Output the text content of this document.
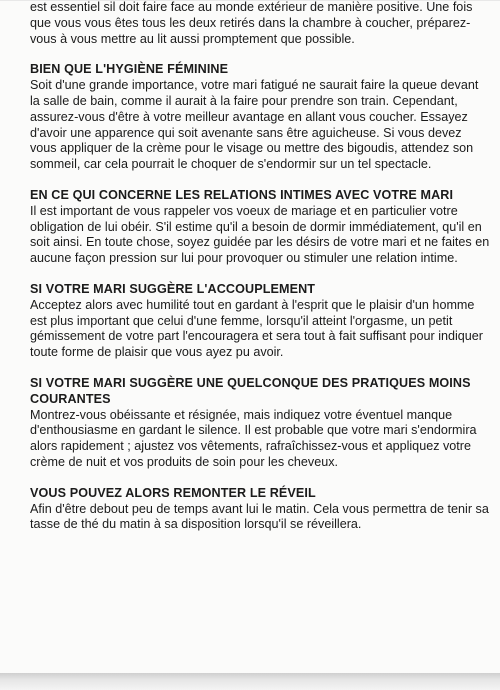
est essentiel sil doit faire face au monde extérieur de manière positive. Une fois que vous vous êtes tous les deux retirés dans la chambre à coucher, préparez-vous à vous mettre au lit aussi promptement que possible.

BIEN QUE L'HYGIÈNE FÉMININE

Soit d'une grande importance, votre mari fatigué ne saurait faire la queue devant la salle de bain, comme il aurait à la faire pour prendre son train. Cependant, assurez-vous d'être à votre meilleur avantage en allant vous coucher. Essayez d'avoir une apparence qui soit avenante sans être aguicheuse. Si vous devez vous appliquer de la crème pour le visage ou mettre des bigoudis, attendez son sommeil, car cela pourrait le choquer de s'endormir sur un tel spectacle.

EN CE QUI CONCERNE LES RELATIONS INTIMES AVEC VOTRE MARI

Il est important de vous rappeler vos voeux de mariage et en particulier votre obligation de lui obéir. S'il estime qu'il a besoin de dormir immédiatement, qu'il en soit ainsi. En toute chose, soyez guidée par les désirs de votre mari et ne faites en aucune façon pression sur lui pour provoquer ou stimuler une relation intime.

SI VOTRE MARI SUGGÈRE L'ACCOUPLEMENT

Acceptez alors avec humilité tout en gardant à l'esprit que le plaisir d'un homme est plus important que celui d'une femme, lorsqu'il atteint l'orgasme, un petit gémissement de votre part l'encouragera et sera tout à fait suffisant pour indiquer toute forme de plaisir que vous ayez pu avoir.

SI VOTRE MARI SUGGÈRE UNE QUELCONQUE DES PRATIQUES MOINS COURANTES

Montrez-vous obéissante et résignée, mais indiquez votre éventuel manque d'enthousiasme en gardant le silence. Il est probable que votre mari s'endormira alors rapidement ; ajustez vos vêtements, rafraîchissez-vous et appliquez votre crème de nuit et vos produits de soin pour les cheveux.

VOUS POUVEZ ALORS REMONTER LE RÉVEIL

Afin d'être debout peu de temps avant lui le matin. Cela vous permettra de tenir sa tasse de thé du matin à sa disposition lorsqu'il se réveillera.
